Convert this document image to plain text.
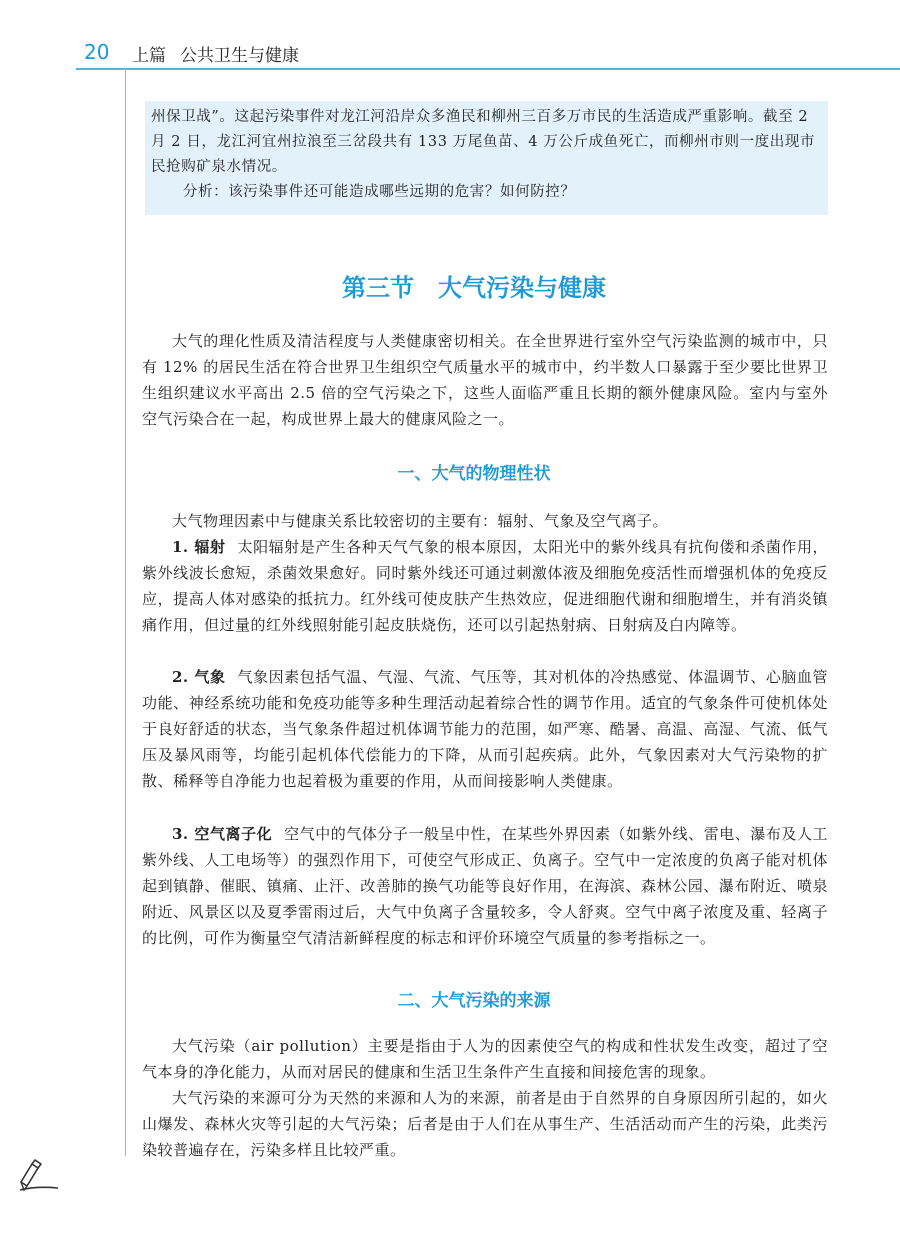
20 上篇 公共卫生与健康

州保卫战”。这起污染事件对龙江河沿岸众多渔民和柳州三百多万市民的生活造成严重影响。截至 2 月 2 日，龙江河宜州拉浪至三岔段共有 133 万尾鱼苗、4 万公斤成鱼死亡，而柳州市则一度出现市民抢购矿泉水情况。

分析：该污染事件还可能造成哪些远期的危害？如何防控？

第三节 大气污染与健康

大气的理化性质及清洁程度与人类健康密切相关。在全世界进行室外空气污染监测的城市中，只有 12% 的居民生活在符合世界卫生组织空气质量水平的城市中，约半数人口暴露于至少要比世界卫生组织建议水平高出 2.5 倍的空气污染之下，这些人面临严重且长期的额外健康风险。室内与室外空气污染合在一起，构成世界上最大的健康风险之一。

一、大气的物理性状

大气物理因素中与健康关系比较密切的主要有：辐射、气象及空气离子。

1. 辐射 太阳辐射是产生各种天气气象的根本原因，太阳光中的紫外线具有抗佝偻和杀菌作用，紫外线波长愈短，杀菌效果愈好。同时紫外线还可通过刺激体液及细胞免疫活性而增强机体的免疫反应，提高人体对感染的抵抗力。红外线可使皮肤产生热效应，促进细胞代谢和细胞增生，并有消炎镇痛作用，但过量的红外线照射能引起皮肤烧伤，还可以引起热射病、日射病及白内障等。

2. 气象 气象因素包括气温、气湿、气流、气压等，其对机体的冷热感觉、体温调节、心脑血管功能、神经系统功能和免疫功能等多种生理活动起着综合性的调节作用。适宜的气象条件可使机体处于良好舒适的状态，当气象条件超过机体调节能力的范围，如严寒、酷暑、高温、高湿、气流、低气压及暴风雨等，均能引起机体代偿能力的下降，从而引起疾病。此外，气象因素对大气污染物的扩散、稀释等自净能力也起着极为重要的作用，从而间接影响人类健康。

3. 空气离子化 空气中的气体分子一般呈中性，在某些外界因素（如紫外线、雷电、瀑布及人工紫外线、人工电场等）的强烈作用下，可使空气形成正、负离子。空气中一定浓度的负离子能对机体起到镇静、催眠、镇痛、止汗、改善肺的换气功能等良好作用，在海滨、森林公园、瀑布附近、喷泉附近、风景区以及夏季雷雨过后，大气中负离子含量较多，令人舒爽。空气中离子浓度及重、轻离子的比例，可作为衡量空气清洁新鲜程度的标志和评价环境空气质量的参考指标之一。

二、大气污染的来源

大气污染（air pollution）主要是指由于人为的因素使空气的构成和性状发生改变，超过了空气本身的净化能力，从而对居民的健康和生活卫生条件产生直接和间接危害的现象。

大气污染的来源可分为天然的来源和人为的来源，前者是由于自然界的自身原因所引起的，如火山爆发、森林火灾等引起的大气污染；后者是由于人们在从事生产、生活活动而产生的污染，此类污染较普遍存在，污染多样且比较严重。
